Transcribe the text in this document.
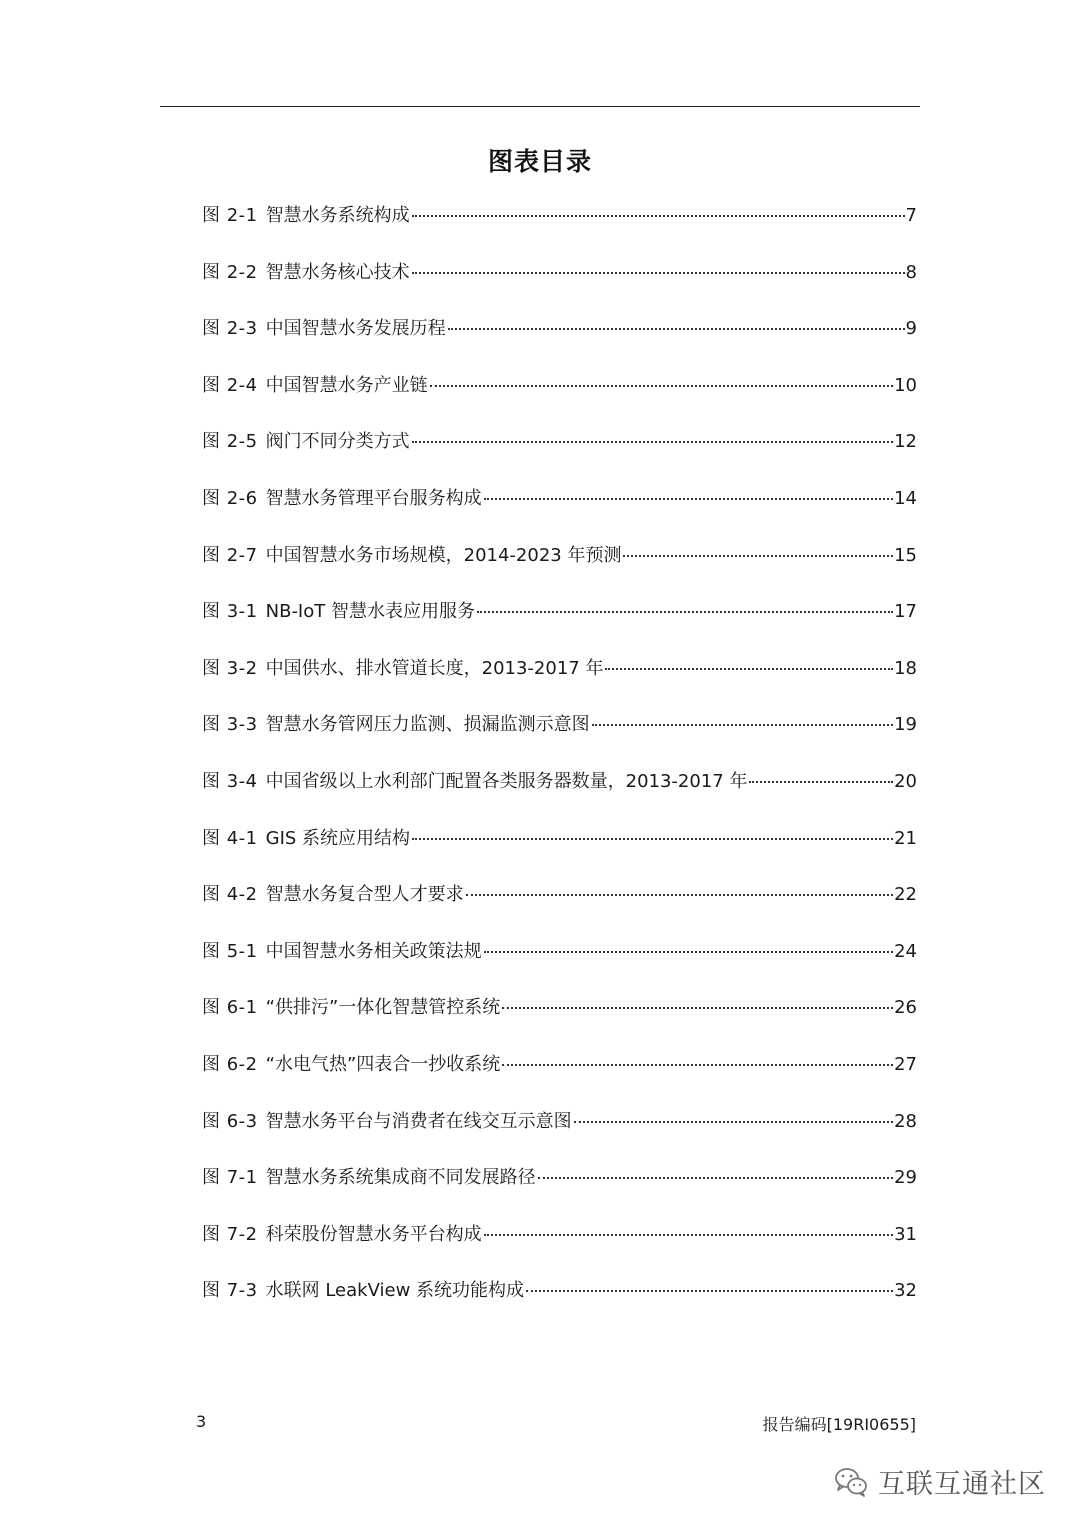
图表目录
图 2-1 智慧水务系统构成	7
图 2-2 智慧水务核心技术	8
图 2-3 中国智慧水务发展历程	9
图 2-4 中国智慧水务产业链	10
图 2-5 阀门不同分类方式	12
图 2-6 智慧水务管理平台服务构成	14
图 2-7 中国智慧水务市场规模，2014-2023 年预测	15
图 3-1 NB-IoT 智慧水表应用服务	17
图 3-2 中国供水、排水管道长度，2013-2017 年	18
图 3-3 智慧水务管网压力监测、损漏监测示意图	19
图 3-4 中国省级以上水利部门配置各类服务器数量，2013-2017 年	20
图 4-1 GIS 系统应用结构	21
图 4-2 智慧水务复合型人才要求	22
图 5-1 中国智慧水务相关政策法规	24
图 6-1 “供排污”一体化智慧管控系统	26
图 6-2 “水电气热”四表合一抄收系统	27
图 6-3 智慧水务平台与消费者在线交互示意图	28
图 7-1 智慧水务系统集成商不同发展路径	29
图 7-2 科荣股份智慧水务平台构成	31
图 7-3 水联网 LeakView 系统功能构成	32
3	报告编码[19RI0655]
互联互通社区
